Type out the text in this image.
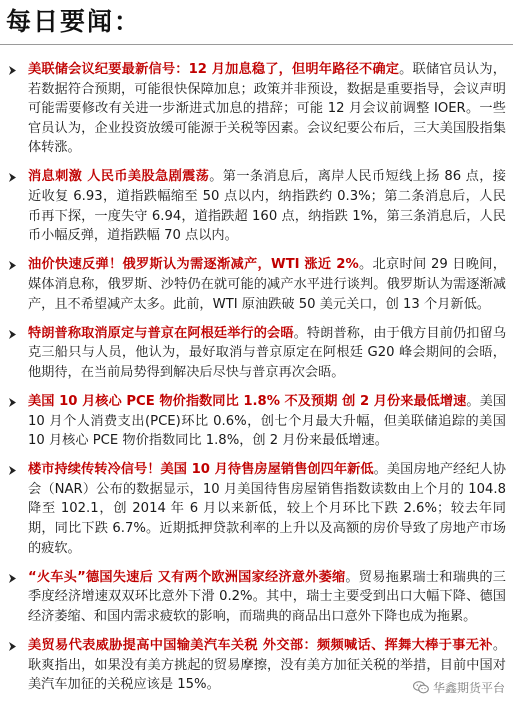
每日要闻：
美联储会议纪要最新信号：12 月加息稳了，但明年路径不确定。联储官员认为，若数据符合预期，可能很快保障加息；政策并非预设，数据是重要指导，会议声明可能需要修改有关进一步渐进式加息的措辞；可能 12 月会议前调整 IOER。一些官员认为，企业投资放缓可能源于关税等因素。会议纪要公布后，三大美国股指集体转涨。
消息刺激 人民币美股急剧震荡。第一条消息后，离岸人民币短线上扬 86 点，接近收复 6.93，道指跌幅缩至 50 点以内，纳指跌约 0.3%；第二条消息后，人民币再下探，一度失守 6.94，道指跌超 160 点，纳指跌 1%，第三条消息后，人民币小幅反弹，道指跌幅 70 点以内。
油价快速反弹！俄罗斯认为需逐渐减产，WTI 涨近 2%。北京时间 29 日晚间，媒体消息称，俄罗斯、沙特仍在就可能的减产水平进行谈判。俄罗斯认为需逐渐减产，且不希望减产太多。此前，WTI 原油跌破 50 美元关口，创 13 个月新低。
特朗普称取消原定与普京在阿根廷举行的会晤。特朗普称，由于俄方目前仍扣留乌克三船只与人员，他认为，最好取消与普京原定在阿根廷 G20 峰会期间的会晤，他期待，在当前局势得到解决后尽快与普京再次会晤。
美国 10 月核心 PCE 物价指数同比 1.8% 不及预期 创 2 月份来最低增速。美国 10 月个人消费支出(PCE)环比 0.6%，创七个月最大升幅，但美联储追踪的美国 10 月核心 PCE 物价指数同比 1.8%，创 2 月份来最低增速。
楼市持续传转冷信号！美国 10 月待售房屋销售创四年新低。美国房地产经纪人协会（NAR）公布的数据显示，10 月美国待售房屋销售指数读数由上个月的 104.8 降至 102.1，创 2014 年 6 月以来新低，较上个月环比下跌 2.6%；较去年同期，同比下跌 6.7%。近期抵押贷款利率的上升以及高额的房价导致了房地产市场的疲软。
“火车头”德国失速后 又有两个欧洲国家经济意外萎缩。贸易拖累瑞士和瑞典的三季度经济增速双双环比意外下滑 0.2%。其中，瑞士主要受到出口大幅下降、德国经济萎缩、和国内需求疲软的影响，而瑞典的商品出口意外下降也成为拖累。
美贸易代表威胁提高中国输美汽车关税 外交部：频频喊话、挥舞大棒于事无补。耿爽指出，如果没有美方挑起的贸易摩擦，没有美方加征关税的举措，目前中国对美汽车加征的关税应该是 15%。	华鑫期货平台
